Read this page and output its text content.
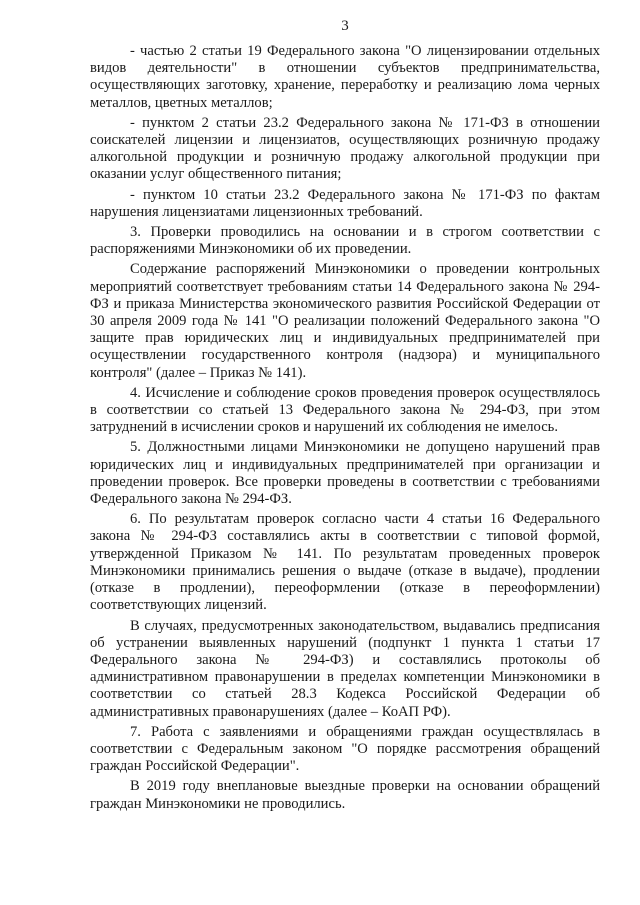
3

- частью 2 статьи 19 Федерального закона "О лицензировании отдельных видов деятельности" в отношении субъектов предпринимательства, осуществляющих заготовку, хранение, переработку и реализацию лома черных металлов, цветных металлов;

- пунктом 2 статьи 23.2 Федерального закона № 171-ФЗ в отношении соискателей лицензии и лицензиатов, осуществляющих розничную продажу алкогольной продукции и розничную продажу алкогольной продукции при оказании услуг общественного питания;

- пунктом 10 статьи 23.2 Федерального закона № 171-ФЗ по фактам нарушения лицензиатами лицензионных требований.

3. Проверки проводились на основании и в строгом соответствии с распоряжениями Минэкономики об их проведении.

Содержание распоряжений Минэкономики о проведении контрольных мероприятий соответствует требованиям статьи 14 Федерального закона № 294-ФЗ и приказа Министерства экономического развития Российской Федерации от 30 апреля 2009 года № 141 "О реализации положений Федерального закона "О защите прав юридических лиц и индивидуальных предпринимателей при осуществлении государственного контроля (надзора) и муниципального контроля" (далее – Приказ № 141).

4. Исчисление и соблюдение сроков проведения проверок осуществлялось в соответствии со статьей 13 Федерального закона № 294-ФЗ, при этом затруднений в исчислении сроков и нарушений их соблюдения не имелось.

5. Должностными лицами Минэкономики не допущено нарушений прав юридических лиц и индивидуальных предпринимателей при организации и проведении проверок. Все проверки проведены в соответствии с требованиями Федерального закона № 294-ФЗ.

6. По результатам проверок согласно части 4 статьи 16 Федерального закона № 294-ФЗ составлялись акты в соответствии с типовой формой, утвержденной Приказом № 141. По результатам проведенных проверок Минэкономики принимались решения о выдаче (отказе в выдаче), продлении (отказе в продлении), переоформлении (отказе в переоформлении) соответствующих лицензий.

В случаях, предусмотренных законодательством, выдавались предписания об устранении выявленных нарушений (подпункт 1 пункта 1 статьи 17 Федерального закона № 294-ФЗ) и составлялись протоколы об административном правонарушении в пределах компетенции Минэкономики в соответствии со статьей 28.3 Кодекса Российской Федерации об административных правонарушениях (далее – КоАП РФ).

7. Работа с заявлениями и обращениями граждан осуществлялась в соответствии с Федеральным законом "О порядке рассмотрения обращений граждан Российской Федерации".

В 2019 году внеплановые выездные проверки на основании обращений граждан Минэкономики не проводились.
